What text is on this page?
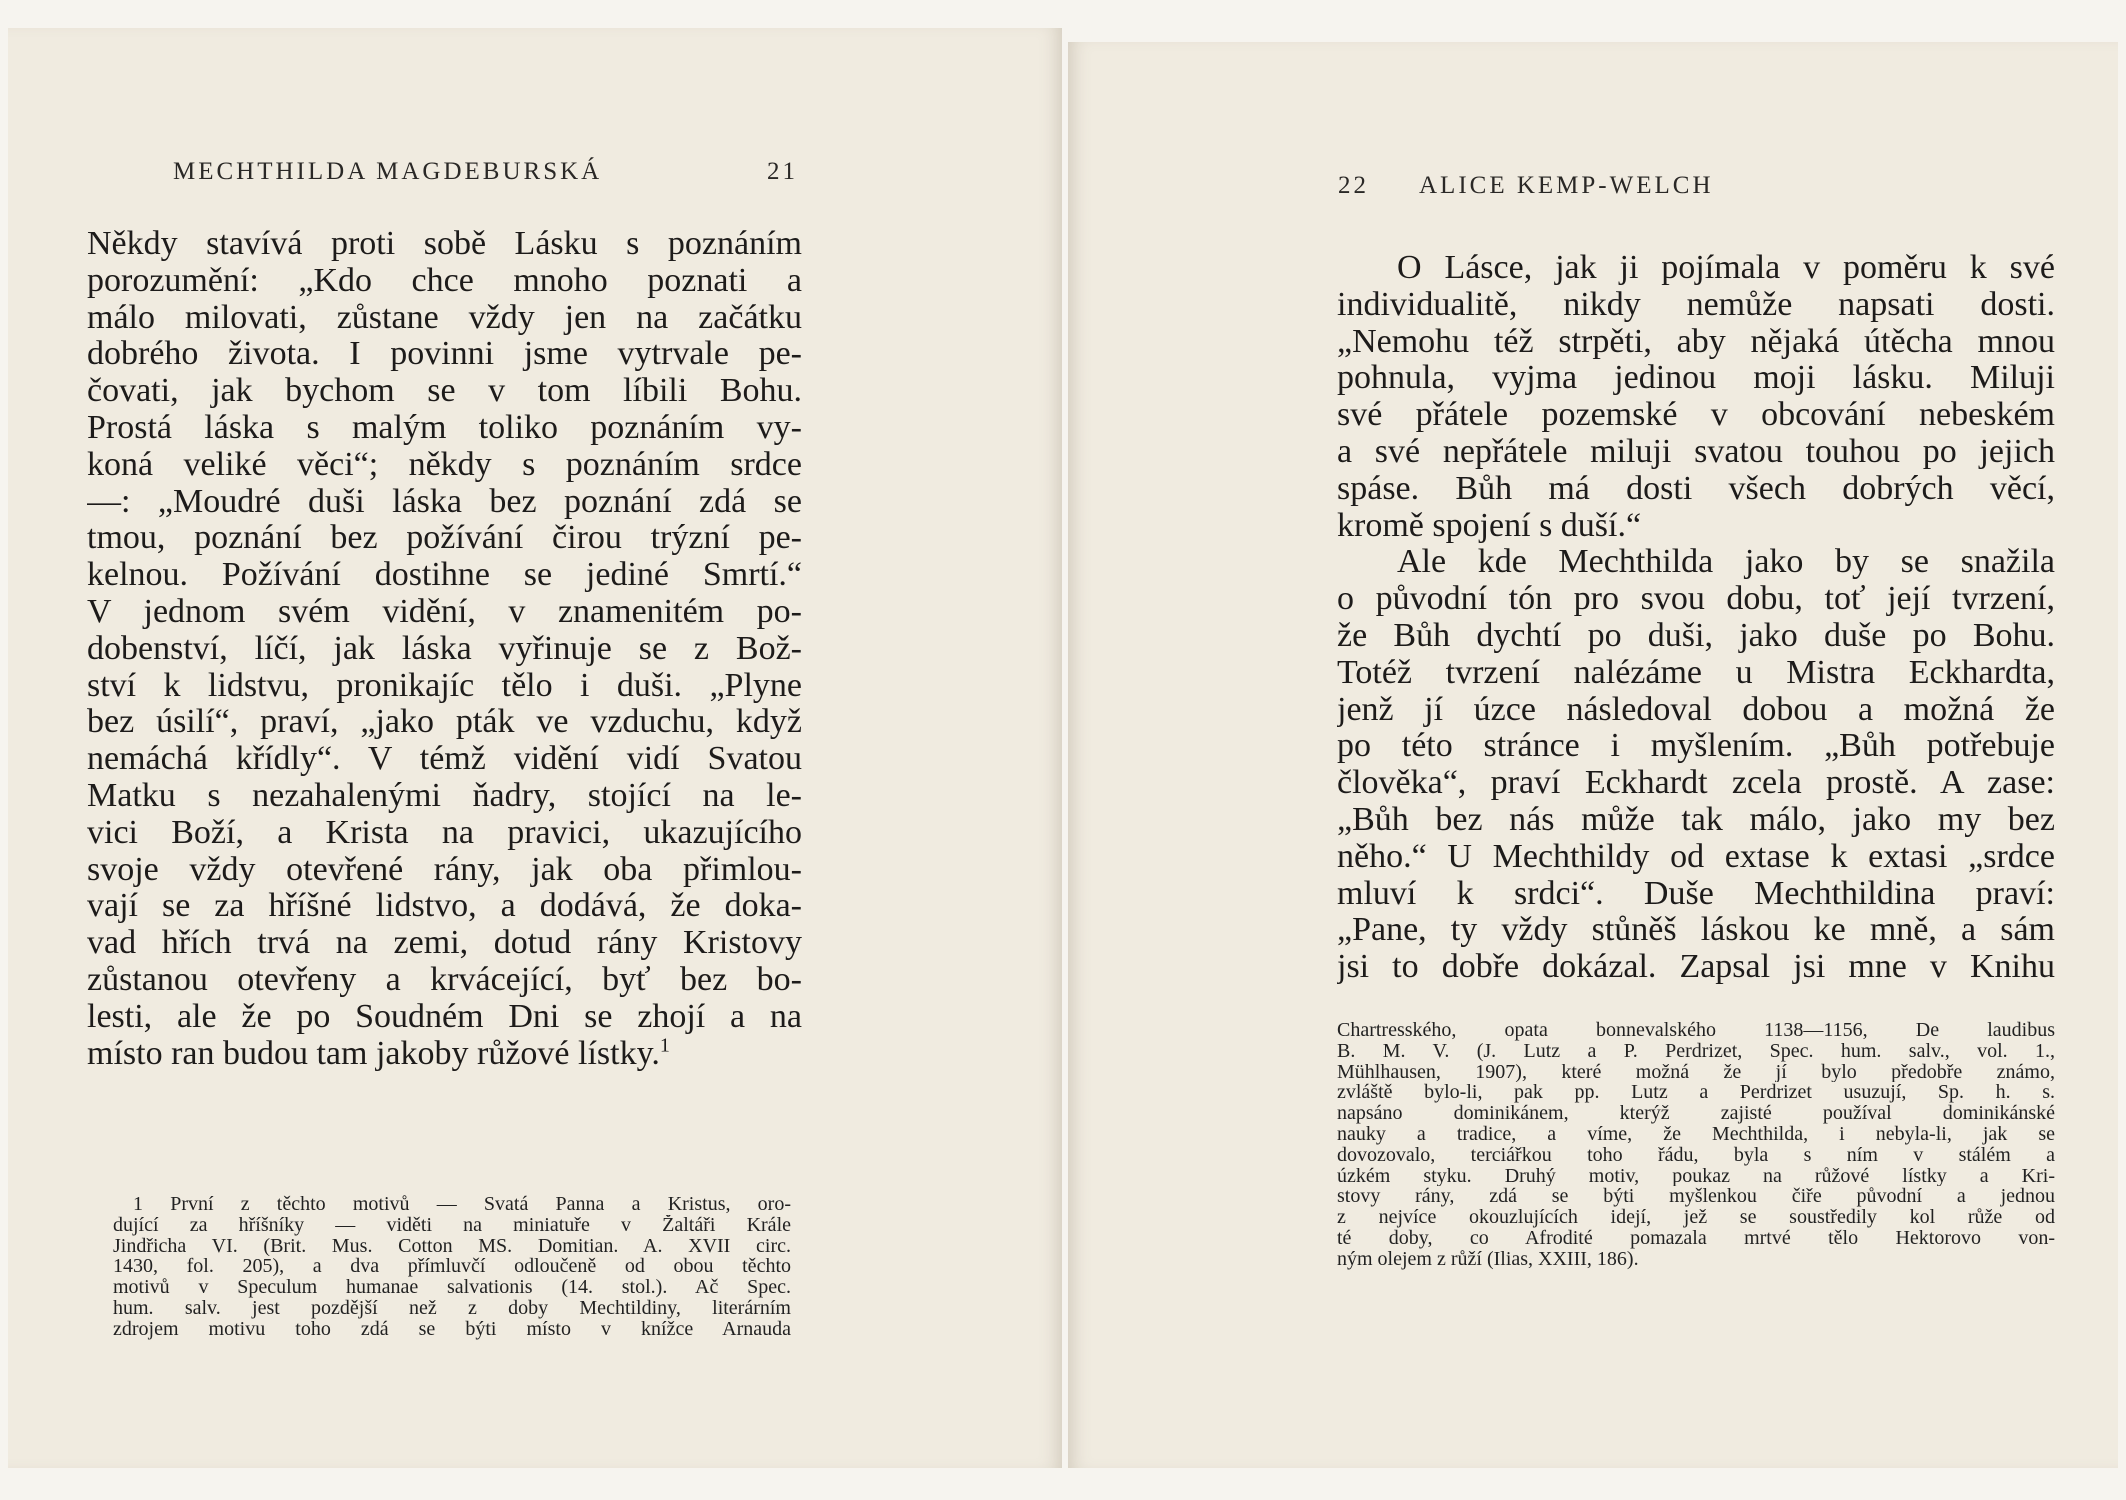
MECHTHILDA MAGDEBURSKÁ	21
Někdy stavívá proti sobě Lásku s poznáním
porozumění: „Kdo chce mnoho poznati a
málo milovati, zůstane vždy jen na začátku
dobrého života. I povinni jsme vytrvale pe-
čovati, jak bychom se v tom líbili Bohu.
Prostá láska s malým toliko poznáním vy-
koná veliké věci“; někdy s poznáním srdce
—: „Moudré duši láska bez poznání zdá se
tmou, poznání bez požívání čirou trýzní pe-
kelnou. Požívání dostihne se jediné Smrtí.“
V jednom svém vidění, v znamenitém po-
dobenství, líčí, jak láska vyřinuje se z Bož-
ství k lidstvu, pronikajíc tělo i duši. „Plyne
bez úsilí“, praví, „jako pták ve vzduchu, když
nemáchá křídly“. V témž vidění vidí Svatou
Matku s nezahalenými ňadry, stojící na le-
vici Boží, a Krista na pravici, ukazujícího
svoje vždy otevřené rány, jak oba přimlou-
vají se za hříšné lidstvo, a dodává, že doka-
vad hřích trvá na zemi, dotud rány Kristovy
zůstanou otevřeny a krvácející, byť bez bo-
lesti, ale že po Soudném Dni se zhojí a na
místo ran budou tam jakoby růžové lístky.$^1$
1 První z těchto motivů — Svatá Panna a Kristus, oro-
dující za hříšníky — viděti na miniatuře v Žaltáři Krále
Jindřicha VI. (Brit. Mus. Cotton MS. Domitian. A. XVII circ.
1430, fol. 205), a dva přímluvčí odloučeně od obou těchto
motivů v Speculum humanae salvationis (14. stol.). Ač Spec.
hum. salv. jest pozdější než z doby Mechtildiny, literárním
zdrojem motivu toho zdá se býti místo v knížce Arnauda
22 ALICE KEMP-WELCH
O Lásce, jak ji pojímala v poměru k své
individualitě, nikdy nemůže napsati dosti.
„Nemohu též strpěti, aby nějaká útěcha mnou
pohnula, vyjma jedinou moji lásku. Miluji
své přátele pozemské v obcování nebeském
a své nepřátele miluji svatou touhou po jejich
spáse. Bůh má dosti všech dobrých věcí,
kromě spojení s duší.“
Ale kde Mechthilda jako by se snažila
o původní tón pro svou dobu, toť její tvrzení,
že Bůh dychtí po duši, jako duše po Bohu.
Totéž tvrzení nalézáme u Mistra Eckhardta,
jenž jí úzce následoval dobou a možná že
po této stránce i myšlením. „Bůh potřebuje
člověka“, praví Eckhardt zcela prostě. A zase:
„Bůh bez nás může tak málo, jako my bez
něho.“ U Mechthildy od extase k extasi „srdce
mluví k srdci“. Duše Mechthildina praví:
„Pane, ty vždy stůněš láskou ke mně, a sám
jsi to dobře dokázal. Zapsal jsi mne v Knihu
Chartresského, opata bonnevalského 1138—1156, De laudibus
B. M. V. (J. Lutz a P. Perdrizet, Spec. hum. salv., vol. 1.,
Mühlhausen, 1907), které možná že jí bylo předobře známo,
zvláště bylo-li, pak pp. Lutz a Perdrizet usuzují, Sp. h. s.
napsáno dominikánem, kterýž zajisté používal dominikánské
nauky a tradice, a víme, že Mechthilda, i nebyla-li, jak se
dovozovalo, terciářkou toho řádu, byla s ním v stálém a
úzkém styku. Druhý motiv, poukaz na růžové lístky a Kri-
stovy rány, zdá se býti myšlenkou čiře původní a jednou
z nejvíce okouzlujících idejí, jež se soustředily kol růže od
té doby, co Afrodité pomazala mrtvé tělo Hektorovo von-
ným olejem z růží (Ilias, XXIII, 186).
